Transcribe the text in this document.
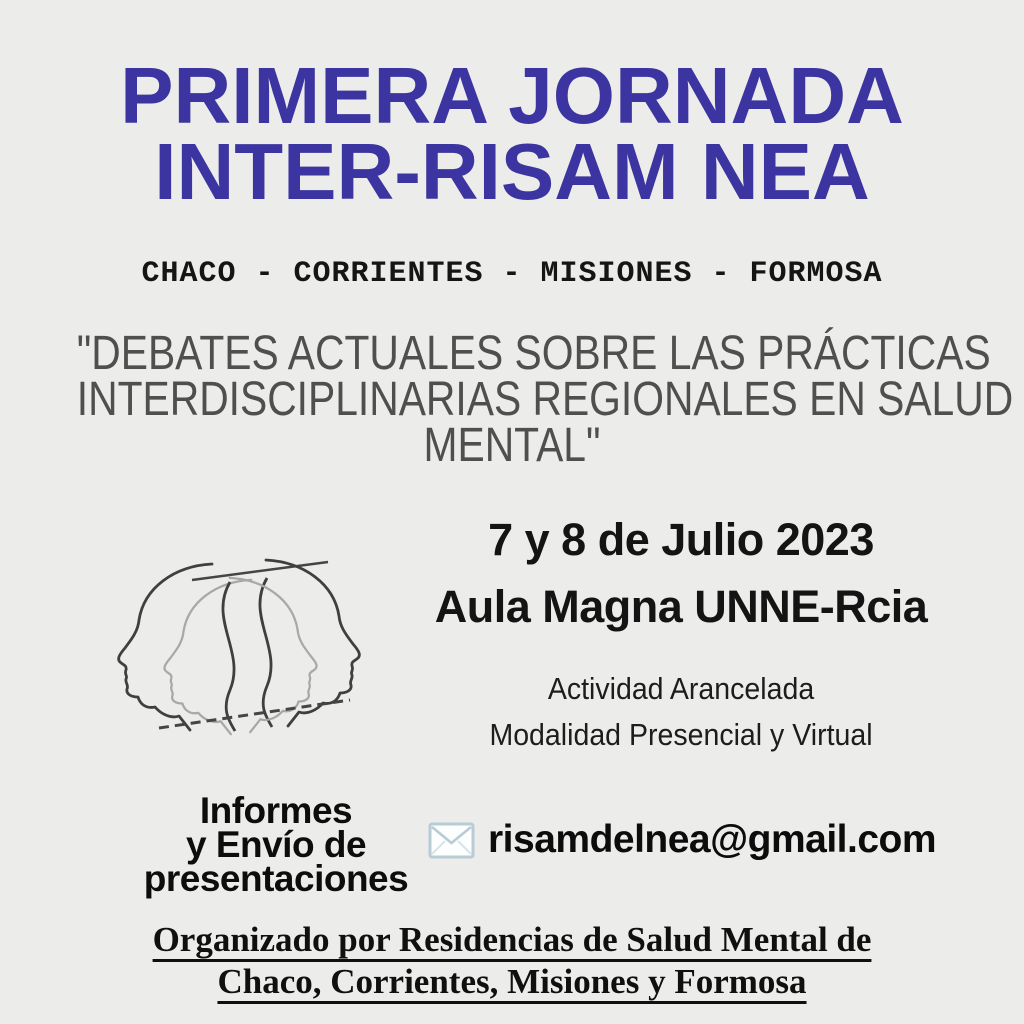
PRIMERA JORNADA
INTER-RISAM NEA
CHACO - CORRIENTES - MISIONES - FORMOSA
"DEBATES ACTUALES SOBRE LAS PRÁCTICAS
INTERDISCIPLINARIAS REGIONALES EN SALUD
MENTAL"
7 y 8 de Julio 2023
Aula Magna UNNE-Rcia
Actividad Arancelada
Modalidad Presencial y Virtual
Informes
y Envío de
presentaciones
risamdelnea@gmail.com
Organizado por Residencias de Salud Mental de
Chaco, Corrientes, Misiones y Formosa
